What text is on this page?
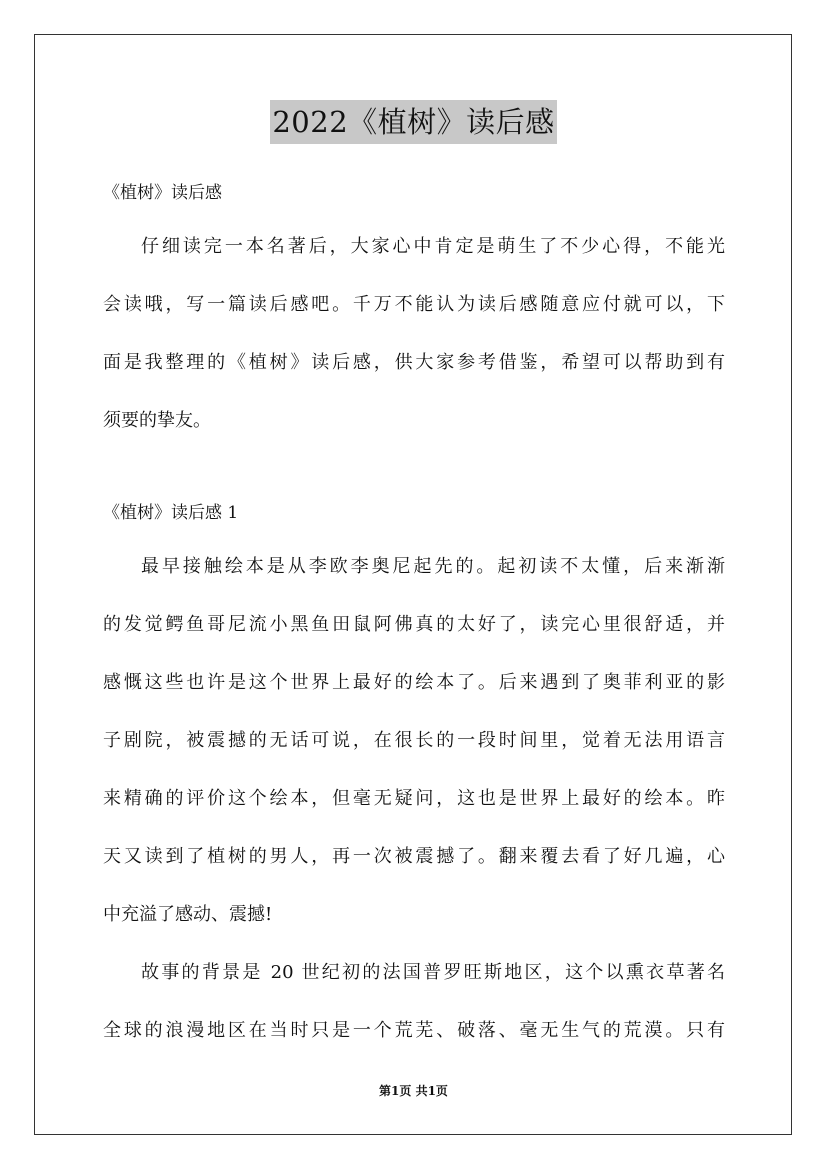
2022《植树》读后感
《植树》读后感
仔细读完一本名著后，大家心中肯定是萌生了不少心得，不能光
会读哦，写一篇读后感吧。千万不能认为读后感随意应付就可以，下
面是我整理的《植树》读后感，供大家参考借鉴，希望可以帮助到有
须要的挚友。
《植树》读后感 1
最早接触绘本是从李欧李奥尼起先的。起初读不太懂，后来渐渐
的发觉鳄鱼哥尼流小黑鱼田鼠阿佛真的太好了，读完心里很舒适，并
感慨这些也许是这个世界上最好的绘本了。后来遇到了奥菲利亚的影
子剧院，被震撼的无话可说，在很长的一段时间里，觉着无法用语言
来精确的评价这个绘本，但毫无疑问，这也是世界上最好的绘本。昨
天又读到了植树的男人，再一次被震撼了。翻来覆去看了好几遍，心
中充溢了感动、震撼!
故事的背景是 20 世纪初的法国普罗旺斯地区，这个以熏衣草著名
全球的浪漫地区在当时只是一个荒芜、破落、毫无生气的荒漠。只有
第1页 共1页
